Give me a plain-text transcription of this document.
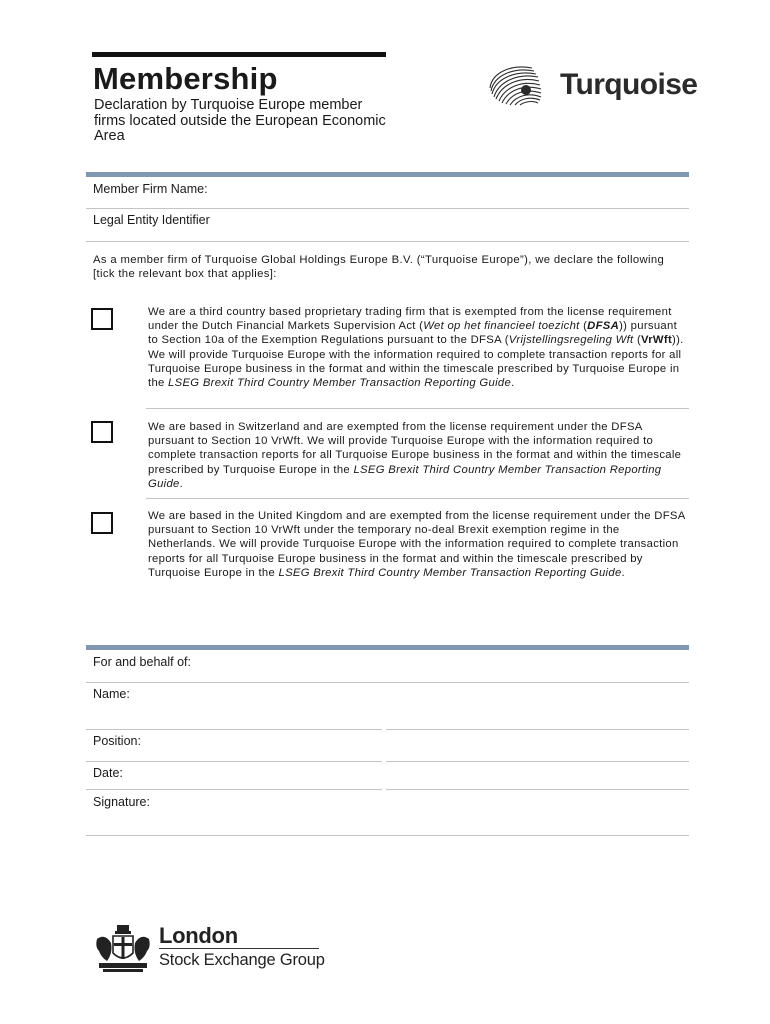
Membership
Declaration by Turquoise Europe member firms located outside the European Economic Area
Turquoise
Member Firm Name:
Legal Entity Identifier
As a member firm of Turquoise Global Holdings Europe B.V. (“Turquoise Europe”), we declare the following [tick the relevant box that applies]:
We are a third country based proprietary trading firm that is exempted from the license requirement under the Dutch Financial Markets Supervision Act (Wet op het financieel toezicht (DFSA)) pursuant to Section 10a of the Exemption Regulations pursuant to the DFSA (Vrijstellingsregeling Wft (VrWft)). We will provide Turquoise Europe with the information required to complete transaction reports for all Turquoise Europe business in the format and within the timescale prescribed by Turquoise Europe in the LSEG Brexit Third Country Member Transaction Reporting Guide.
We are based in Switzerland and are exempted from the license requirement under the DFSA pursuant to Section 10 VrWft. We will provide Turquoise Europe with the information required to complete transaction reports for all Turquoise Europe business in the format and within the timescale prescribed by Turquoise Europe in the LSEG Brexit Third Country Member Transaction Reporting Guide.
We are based in the United Kingdom and are exempted from the license requirement under the DFSA pursuant to Section 10 VrWft under the temporary no-deal Brexit exemption regime in the Netherlands. We will provide Turquoise Europe with the information required to complete transaction reports for all Turquoise Europe business in the format and within the timescale prescribed by Turquoise Europe in the LSEG Brexit Third Country Member Transaction Reporting Guide.
For and behalf of:
Name:
Position:
Date:
Signature:
London
Stock Exchange Group
